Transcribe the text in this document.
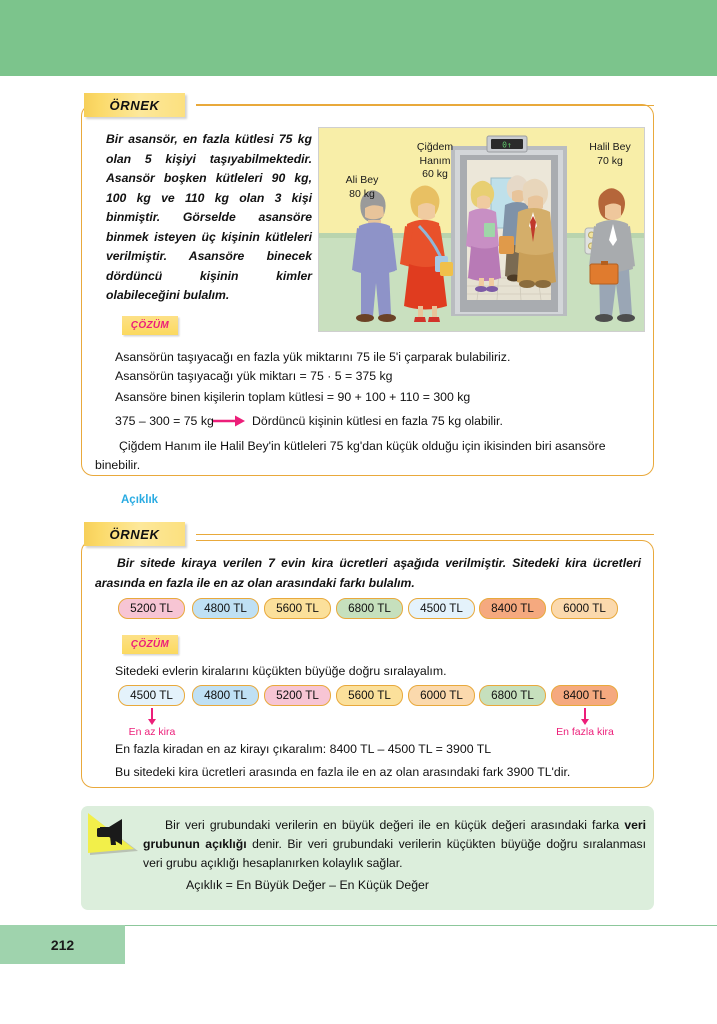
ÖRNEK
Bir asansör, en fazla kütlesi 75 kg olan 5 kişiyi taşıyabilmektedir. Asansör boşken kütleleri 90 kg, 100 kg ve 110 kg olan 3 kişi binmiştir. Görselde asansöre binmek isteyen üç kişinin kütleleri verilmiştir. Asansöre binecek dördüncü kişinin kimler olabileceğini bulalım.
0↑
Ali Bey
80 kg
Çiğdem
Hanım
60 kg
Halil Bey
70 kg
ÇÖZÜM
Asansörün taşıyacağı en fazla yük miktarını 75 ile 5'i çarparak bulabiliriz.
Asansörün taşıyacağı yük miktarı = 75 · 5 = 375 kg
Asansöre binen kişilerin toplam kütlesi = 90 + 100 + 110 = 300 kg
375 – 300 = 75 kg	Dördüncü kişinin kütlesi en fazla 75 kg olabilir.
Çiğdem Hanım ile Halil Bey'in kütleleri 75 kg'dan küçük olduğu için ikisinden biri asansöre binebilir.
Açıklık
ÖRNEK
Bir sitede kiraya verilen 7 evin kira ücretleri aşağıda verilmiştir. Sitedeki kira ücretleri arasında en fazla ile en az olan arasındaki farkı bulalım.
5200 TL	4800 TL	5600 TL	6800 TL	4500 TL 8400 TL	6000 TL
ÇÖZÜM
Sitedeki evlerin kiralarını küçükten büyüğe doğru sıralayalım.
4500 TL	4800 TL	5200 TL	5600 TL	6000 TL 6800 TL	8400 TL
En az kira	En fazla kira
En fazla kiradan en az kirayı çıkaralım: 8400 TL – 4500 TL = 3900 TL
Bu sitedeki kira ücretleri arasında en fazla ile en az olan arasındaki fark 3900 TL'dir.
Bir veri grubundaki verilerin en büyük değeri ile en küçük değeri arasındaki farka veri grubunun açıklığı denir. Bir veri grubundaki verilerin küçükten büyüğe doğru sıralanması veri grubu açıklığı hesaplanırken kolaylık sağlar.
Açıklık = En Büyük Değer – En Küçük Değer
212
